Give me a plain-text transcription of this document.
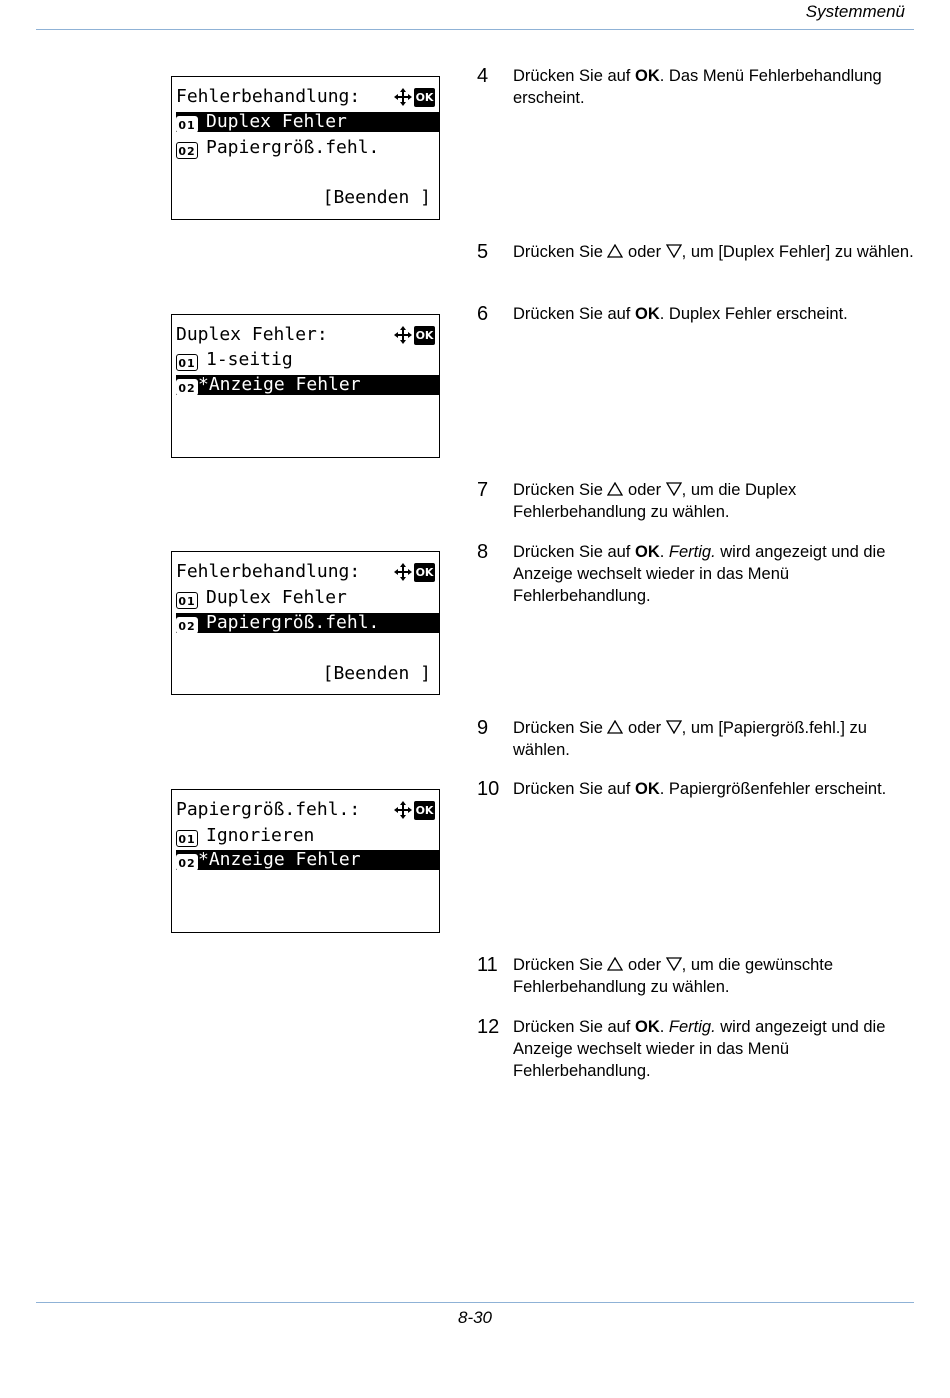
Systemmenü
Fehlerbehandlung:	OK
01 Duplex Fehler
02 Papiergröß.fehl.
[Beenden ]
Duplex Fehler:	OK
01 1-seitig
02 *Anzeige Fehler
Fehlerbehandlung:	OK
01 Duplex Fehler
02 Papiergröß.fehl.
[Beenden ]
Papiergröß.fehl.:	OK
01 Ignorieren
02 *Anzeige Fehler
4 Drücken Sie auf OK. Das Menü Fehlerbehandlung erscheint.
5 Drücken Sie  oder , um [Duplex Fehler] zu wählen.
6 Drücken Sie auf OK. Duplex Fehler erscheint.
7 Drücken Sie  oder , um die Duplex Fehlerbehandlung zu wählen.
8 Drücken Sie auf OK. Fertig. wird angezeigt und die Anzeige wechselt wieder in das Menü Fehlerbehandlung.
9 Drücken Sie  oder , um [Papiergröß.fehl.] zu wählen.
10 Drücken Sie auf OK. Papiergrößenfehler erscheint.
11 Drücken Sie  oder , um die gewünschte Fehlerbehandlung zu wählen.
12 Drücken Sie auf OK. Fertig. wird angezeigt und die Anzeige wechselt wieder in das Menü Fehlerbehandlung.
8-30
